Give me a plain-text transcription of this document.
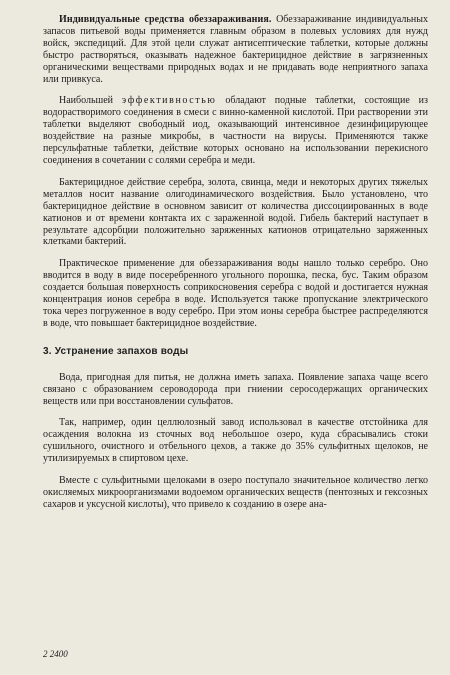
Индивидуальные средства обеззараживания. Обеззараживание индивидуальных запасов питьевой воды применяется главным образом в полевых условиях для нужд войск, экспедиций. Для этой цели служат антисептические таблетки, которые должны быстро растворяться, оказывать надежное бактерицидное действие в загрязненных органическими веществами природных водах и не придавать воде неприятного запаха или привкуса.

Наибольшей эффективностью обладают подные таблетки, состоящие из водорастворимого соединения в смеси с винно-каменной кислотой. При растворении эти таблетки выделяют свободный иод, оказывающий интенсивное дезинфицирующее воздействие на разные микробы, в частности на вирусы. Применяются также персульфатные таблетки, действие которых основано на использовании перекисного соединения в сочетании с солями серебра и меди.

Бактерицидное действие серебра, золота, свинца, меди и некоторых других тяжелых металлов носит название олигодинамического воздействия. Было установлено, что бактерицидное действие в основном зависит от количества диссоциированных в воде катионов и от времени контакта их с зараженной водой. Гибель бактерий наступает в результате адсорбции положительно заряженных катионов отрицательно заряженных клетками бактерий.

Практическое применение для обеззараживания воды нашло только серебро. Оно вводится в воду в виде посеребренного угольного порошка, песка, бус. Таким образом создается большая поверхность соприкосновения серебра с водой и достигается нужная концентрация ионов серебра в воде. Используется также пропускание электрического тока через погруженное в воду серебро. При этом ионы серебра быстрее распределяются в воде, что повышает бактерицидное воздействие.

3. Устранение запахов воды

Вода, пригодная для питья, не должна иметь запаха. Появление запаха чаще всего связано с образованием сероводорода при гниении серосодержащих органических веществ или при восстановлении сульфатов.

Так, например, один целлюлозный завод использовал в качестве отстойника для осаждения волокна из сточных вод небольшое озеро, куда сбрасывались стоки сушильного, очистного и отбельного цехов, а также до 35% сульфитных щелоков, не утилизируемых в спиртовом цехе.

Вместе с сульфитными щелоками в озеро поступало значительное количество легко окисляемых микроорганизмами водоемом органических веществ (пентозных и гексозных сахаров и уксусной кислоты), что привело к созданию в озере ана-

2 2400
